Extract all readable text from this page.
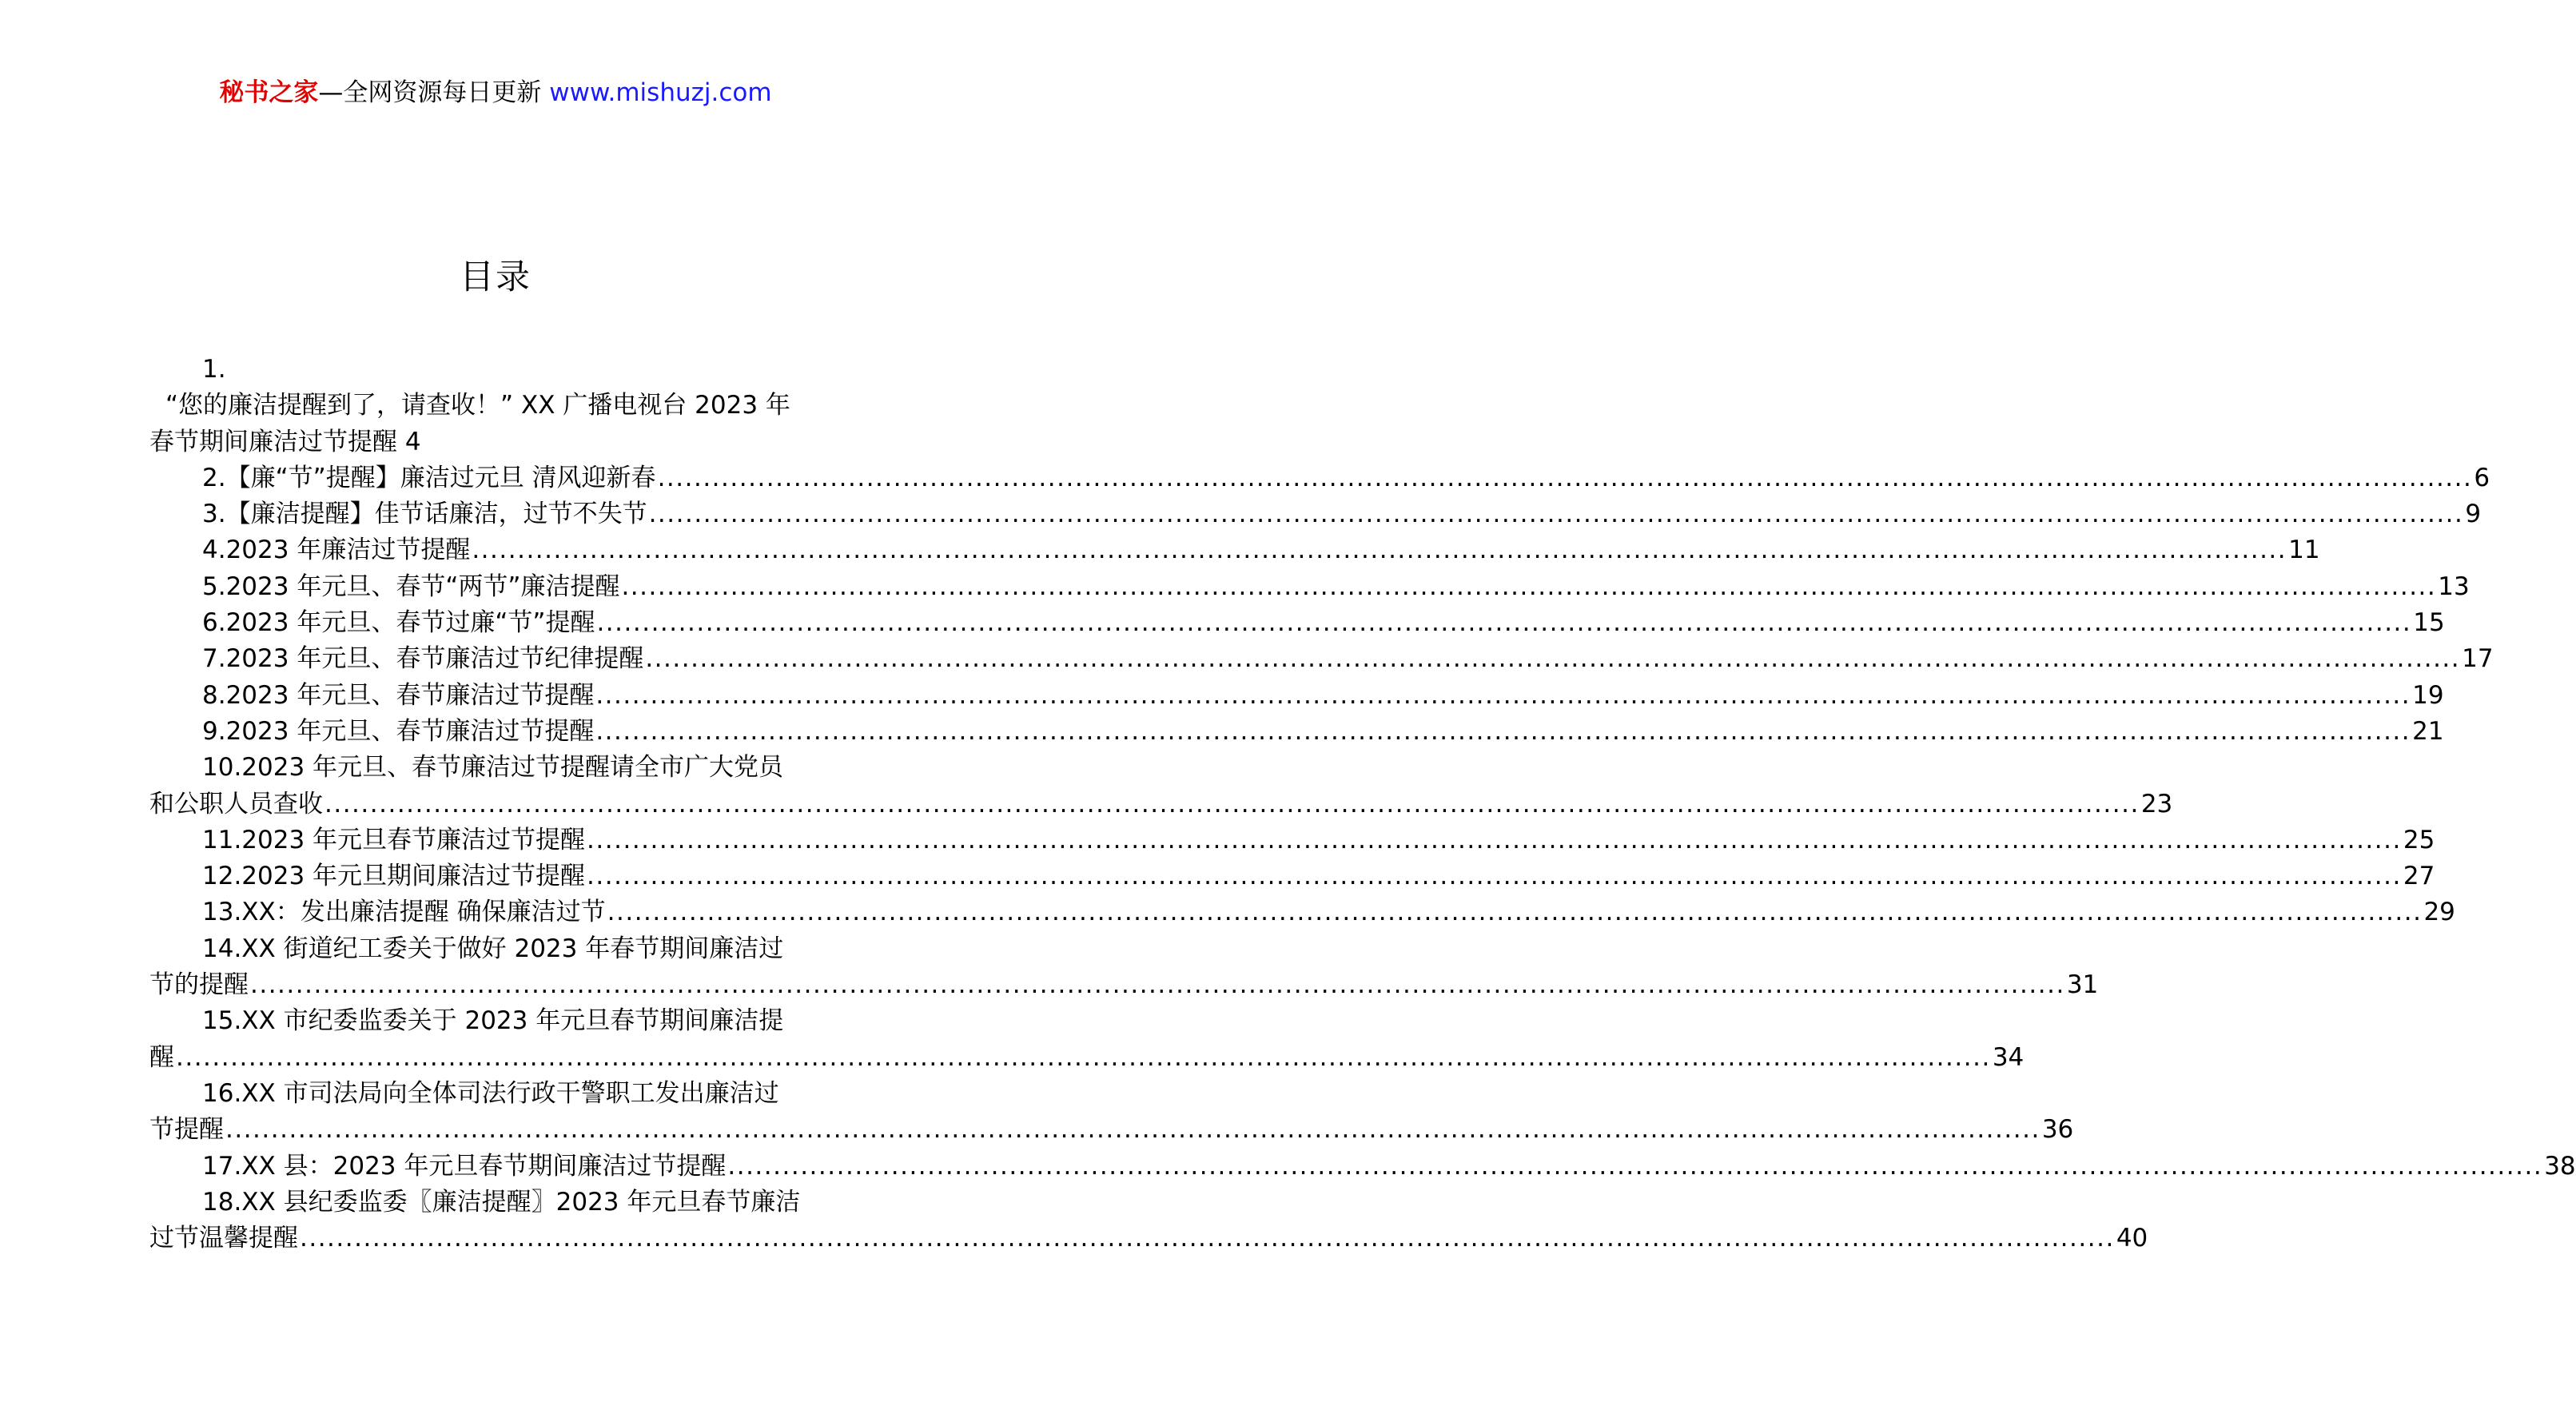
秘书之家—全网资源每日更新 www.mishuzj.com
目录
1.
“您的廉洁提醒到了，请查收！” XX 广播电视台 2023 年
春节期间廉洁过节提醒 4
2.【廉“节”提醒】廉洁过元旦 清风迎新春 ........................................................................................................................................................................................................ 6
3.【廉洁提醒】佳节话廉洁，过节不失节 ........................................................................................................................................................................................................ 9
4.2023 年廉洁过节提醒 ........................................................................................................................................................................................................ 11
5.2023 年元旦、春节“两节”廉洁提醒 ........................................................................................................................................................................................................ 13
6.2023 年元旦、春节过廉“节”提醒 ........................................................................................................................................................................................................ 15
7.2023 年元旦、春节廉洁过节纪律提醒 ........................................................................................................................................................................................................ 17
8.2023 年元旦、春节廉洁过节提醒 ........................................................................................................................................................................................................ 19
9.2023 年元旦、春节廉洁过节提醒 ........................................................................................................................................................................................................ 21
10.2023 年元旦、春节廉洁过节提醒请全市广大党员
和公职人员查收 ........................................................................................................................................................................................................ 23
11.2023 年元旦春节廉洁过节提醒 ........................................................................................................................................................................................................ 25
12.2023 年元旦期间廉洁过节提醒 ........................................................................................................................................................................................................ 27
13.XX：发出廉洁提醒 确保廉洁过节 ........................................................................................................................................................................................................ 29
14.XX 街道纪工委关于做好 2023 年春节期间廉洁过
节的提醒 ........................................................................................................................................................................................................ 31
15.XX 市纪委监委关于 2023 年元旦春节期间廉洁提
醒 ........................................................................................................................................................................................................ 34
16.XX 市司法局向全体司法行政干警职工发出廉洁过
节提醒 ........................................................................................................................................................................................................ 36
17.XX 县：2023 年元旦春节期间廉洁过节提醒 ........................................................................................................................................................................................................ 38
18.XX 县纪委监委〖廉洁提醒〗2023 年元旦春节廉洁
过节温馨提醒 ........................................................................................................................................................................................................ 40
